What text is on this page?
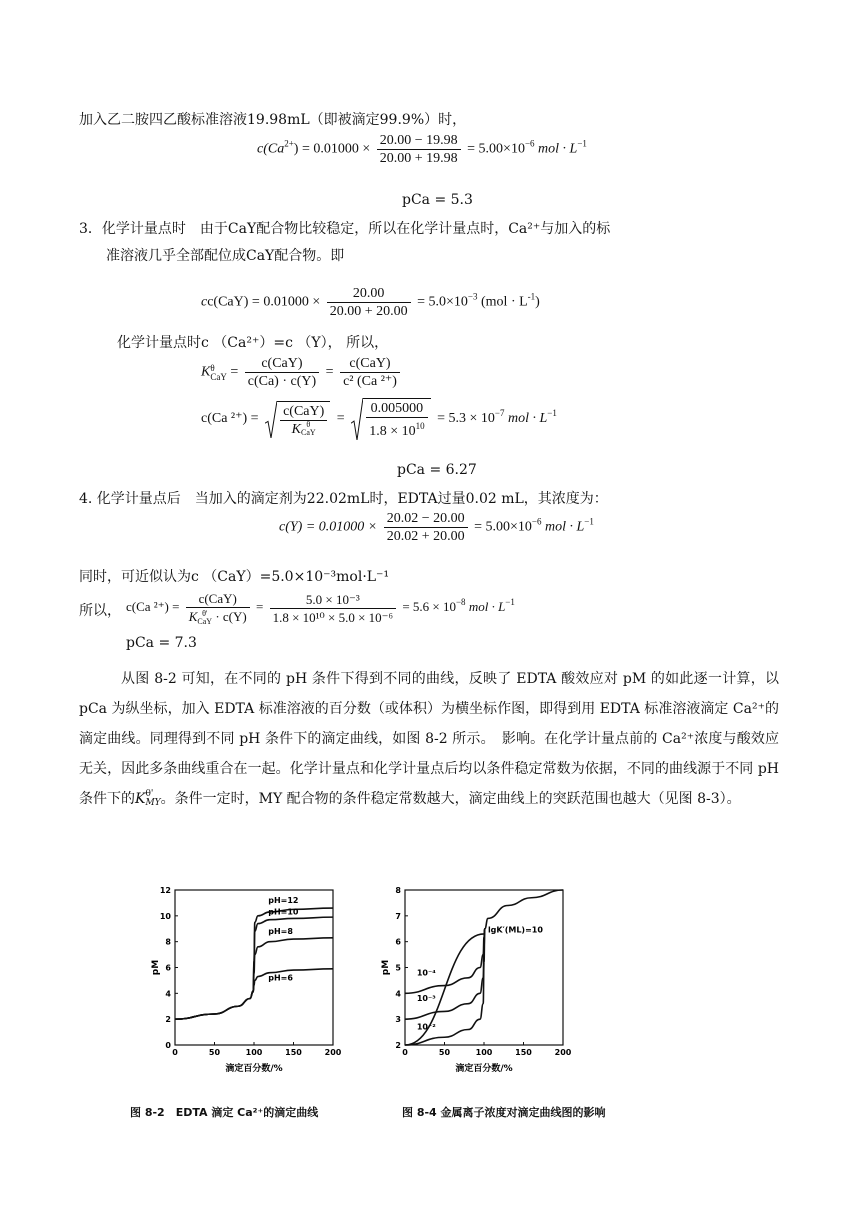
加入乙二胺四乙酸标准溶液19.98mL（即被滴定99.9%）时，
$c(Ca^{2+}) = 0.01000 \times \frac{20.00 - 19.98}{20.00 + 19.98} = 5.00\times 10^{-6}$ mol · $L^{-1}$
pCa = 5.3
3．化学计量点时　由于CaY配合物比较稳定，所以在化学计量点时，Ca²⁺与加入的标
准溶液几乎全部配位成CaY配合物。即
$cc(CaY) = 0.01000 \times \frac{20.00}{20.00 + 20.00} = 5.0\times 10^{-3}$ $(mol \cdot L^{-1})$
化学计量点时c （Ca²⁺）=c （Y）， 所以，
K θ
CaY = $\frac{\text{c(CaY)}}{c(Ca) \cdot c(Y)} = \frac{\text{c(CaY)}}{\text{c² (Ca ²⁺)}}$
c(Ca ²⁺) = c(CaY)
K θ
CaY = $\frac{0.005000}{1.8 \times 10^{10}} = 5.3 \times 10^{-7}$ mol · $L^{-1}$
pCa = 6.27
4. 化学计量点后　当加入的滴定剂为22.02mL时，EDTA过量0.02 mL，其浓度为：
$c(Y) = 0.01000 \times \frac{20.02 - 20.00}{20.02 + 20.00} = 5.00\times 10^{-6}$ mol · $L^{-1}$
同时，可近似认为c （CaY）=5.0×10⁻³mol·L⁻¹
所以， c(Ca ²⁺) = c(CaY)
K θ'
CaY · $c(Y) = \frac{\text{5.0 × 10⁻³}}{\text{1.8 × 10¹⁰ × 5.0 × 10⁻⁶}} = 5.6 \times 10^{-8}$ mol · $L^{-1}$
pCa = 7.3
从图 8-2 可知，在不同的 pH 条件下得到不同的曲线，反映了 EDTA 酸效应对 pM 的如此逐一计算，以 pCa 为纵坐标，加入 EDTA 标准溶液的百分数（或体积）为横坐标作图，即得到用 EDTA 标准溶液滴定 Ca²⁺的滴定曲线。同理得到不同 pH 条件下的滴定曲线，如图 8-2 所示。　影响。在化学计量点前的 Ca²⁺浓度与酸效应无关，因此多条曲线重合在一起。化学计量点和化学计量点后均以条件稳定常数为依据，不同的曲线源于不同 pH 条件下的K θ'
MY 。条件一定时，MY 配合物的条件稳定常数越大，滴定曲线上的突跃范围也越大（见图 8-3）。
0	50	100	150	200
0
2
4
6
8
10
12
滴定百分数/%
pM
pH=12
pH=10
pH=8
pH=6
图 8-2　EDTA 滴定 Ca²⁺的滴定曲线
0	50	100	150	200
2
3
4
5
6
7
8
滴定百分数/%
pM
lgK′(ML)=10
10⁻⁴
10⁻³
10⁻²
图 8-4 金属离子浓度对滴定曲线图的影响
